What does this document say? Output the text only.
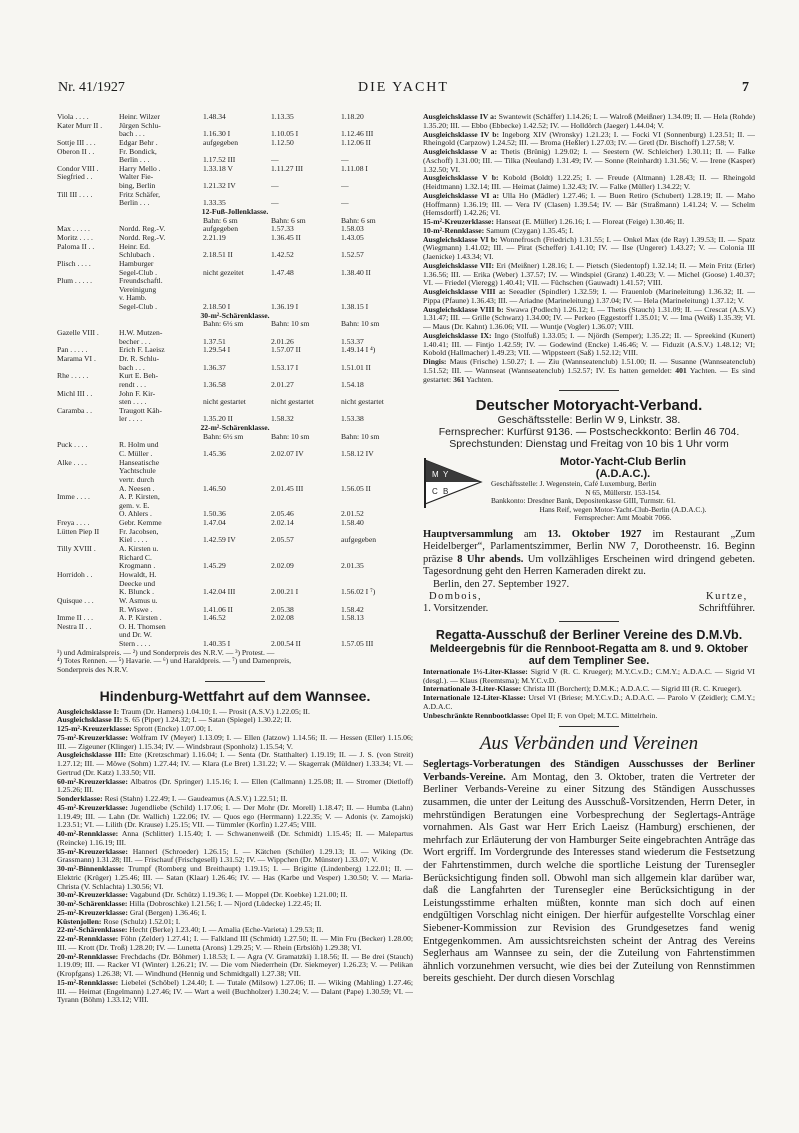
Nr. 41/1927	DIE YACHT	7
Viola . . . .	Heinr. Wilzer	1.48.34	1.13.35	1.18.20
Kater Murr II .	Jürgen Schlu-
bach . . .	1.16.30 I	1.10.05 I	1.12.46 III
Sottje III . . .	Edgar Behr .	aufgegeben	1.12.50	1.12.06 II
Oberon II . .	Fr. Bondick,
Berlin . . .	1.17.52 III	—	—
Condor VIII .	Harry Mello .	1.33.18 V	1.11.27 III	1.11.08 I
Siegfried . .	Walter Fie-
bing, Berlin	1.21.32 IV	—	—
Till III . . . .	Fritz Schäfer,
Berlin . . .	1.33.35	—	—
12-Fuß-Jollenklasse.
Bahn: 6 sm	Bahn: 6 sm	Bahn: 6 sm
Max . . . . .	Nordd. Reg.-V.	aufgegeben	1.57.33	1.58.03
Moritz . . . .	Nordd. Reg.-V.	2.21.19	1.36.45 II	1.43.05
Paloma II . .	Heinr. Ed.
Schlubach .	2.18.51 II	1.42.52	1.52.57
Plisch . . . .	Hamburger
Segel-Club .	nicht gezeitet	1.47.48	1.38.40 II
Plum . . . . .	Freundschaftl.
Vereinigung
v. Hamb.
Segel-Club .	2.18.50 I	1.36.19 I	1.38.15 I
30-m²-Schärenklasse.
Bahn: 6½ sm	Bahn: 10 sm	Bahn: 10 sm
Gazelle VIII .	H.W. Mutzen-
becher . . .	1.37.51	2.01.26	1.53.37
Pan . . . . .	Erich F. Laeisz	1.29.54 I	1.57.07 II	1.49.14 I ⁴)
Marama VI .	Dr. R. Schlu-
bach . . .	1.36.37	1.53.17 I	1.51.01 II
Rhe . . . . .	Kurt E. Beh-
rendt . . .	1.36.58	2.01.27	1.54.18
Michl III . .	John F. Kir-
sten . . . .	nicht gestartet	nicht gestartet	nicht gestartet
Caramba . .	Traugott Käh-
ler . . . .	1.35.20 II	1.58.32	1.53.38
22-m²-Schärenklasse.
Bahn: 6½ sm	Bahn: 10 sm	Bahn: 10 sm
Puck . . . .	R. Holm und
C. Müller .	1.45.36	2.02.07 IV	1.58.12 IV
Alke . . . .	Hanseatische
Yachtschule
vertr. durch
A. Neesen .	1.46.50	2.01.45 III	1.56.05 II
Imme . . . .	A. P. Kirsten,
gem. v. E.
O. Ahlers .	1.50.36	2.05.46	2.01.52
Freya . . . .	Gebr. Kemme	1.47.04	2.02.14	1.58.40
Lütten Piep II	Fr. Jacobsen,
Kiel . . . .	1.42.59 IV	2.05.57	aufgegeben
Tilly XVIII .	A. Kirsten u.
Richard C.
Krogmann .	1.45.29	2.02.09	2.01.35
Horridoh . .	Howaldt, H.
Deecke und
K. Blunck .	1.42.04 III	2.00.21 I	1.56.02 I ⁷)
Quisque . . .	W. Asmus u.
R. Wiswe .	1.41.06 II	2.05.38	1.58.42
Imme II . . .	A. P. Kirsten .	1.46.52	2.02.08	1.58.13
Nestra II . .	O. H. Thomsen
und Dr. W.
Stern . . . .	1.40.35 I	2.00.54 II	1.57.05 III
¹) und Admiralspreis. — ²) und Sonderpreis des N.R.V. — ³) Protest. —
⁴) Totes Rennen. — ⁵) Havarie. — ⁶) und Haraldpreis. — ⁷) und Damenpreis,
Sonderpreis des N.R.V.
Hindenburg-Wettfahrt auf dem Wannsee.

Ausgleichsklasse I: Traum (Dr. Hamers) 1.04.10; I. — Prosit (A.S.V.) 1.22.05; II.

Ausgleichsklasse II: S. 65 (Piper) 1.24.32; I. — Satan (Spiegel) 1.30.22; II.

125-m²-Kreuzerklasse: Sprott (Encke) 1.07.00; I.

75-m²-Kreuzerklasse: Wolfram IV (Meyer) 1.13.09; I. — Ellen (Jatzow) 1.14.56; II. — Hessen (Eller) 1.15.06; III. — Zigeuner (Klinger) 1.15.34; IV. — Windsbraut (Sponholz) 1.15.54; V.

Ausgleichsklasse III: Ette (Kretzschmar) 1.16.04; I. — Senta (Dr. Statthalter) 1.19.19; II. — J. S. (von Streit) 1.27.12; III. — Möwe (Sohm) 1.27.44; IV. — Klara (Le Bret) 1.31.22; V. — Skagerrak (Müldner) 1.33.34; VI. — Gertrud (Dr. Katz) 1.33.50; VII.

60-m²-Kreuzerklasse: Albatros (Dr. Springer) 1.15.16; I. — Ellen (Callmann) 1.25.08; II. — Stromer (Dietloff) 1.25.26; III.

Sonderklasse: Resi (Stahn) 1.22.49; I. — Gaudeamus (A.S.V.) 1.22.51; II.

45-m²-Kreuzerklasse: Jugendliebe (Schild) 1.17.06; I. — Der Mohr (Dr. Morell) 1.18.47; II. — Humba (Lahn) 1.19.49; III. — Lahn (Dr. Wallich) 1.22.06; IV. — Quos ego (Herrmann) 1.22.35; V. — Adonis (v. Zamojski) 1.23.51; VI. — Lilith (Dr. Krause) 1.25.15; VII. — Tümmler (Korfin) 1.27.45; VIII.

40-m²-Rennklasse: Anna (Schlitter) 1.15.40; I. — Schwanenweiß (Dr. Schmidt) 1.15.45; II. — Malepartus (Reincke) 1.16.19; III.

35-m²-Kreuzerklasse: Hannerl (Schroeder) 1.26.15; I. — Kätchen (Schüler) 1.29.13; II. — Wiking (Dr. Grassmann) 1.31.28; III. — Frischauf (Frischgesell) 1.31.52; IV. — Wippchen (Dr. Münster) 1.33.07; V.

30-m²-Binnenklasse: Trumpf (Romberg und Breithaupt) 1.19.15; I. — Brigitte (Lindenberg) 1.22.01; II. — Elektric (Krüger) 1.25.46; III. — Satan (Klaar) 1.26.46; IV. — Has (Karbe und Vesper) 1.30.50; V. — Maria-Christa (V. Schlachta) 1.30.56; VI.

30-m²-Kreuzerklasse: Vagabund (Dr. Schütz) 1.19.36; I. — Moppel (Dr. Koebke) 1.21.00; II.

30-m²-Schärenklasse: Hilla (Dobroschke) 1.21.56; I. — Njord (Lüdecke) 1.22.45; II.

25-m²-Kreuzerklasse: Gral (Bergen) 1.36.46; I.

Küstenjollen: Rose (Schulz) 1.52.01; I.

22-m²-Schärenklasse: Hecht (Berke) 1.23.40; I. — Amalia (Eche-Varieta) 1.29.53; II.

22-m²-Rennklasse: Föhn (Zelder) 1.27.41; I. — Falkland III (Schmidt) 1.27.50; II. — Min Fru (Becker) 1.28.00; III. — Krott (Dr. Troß) 1.28.20; IV. — Lunetta (Arons) 1.29.25; V. — Rhein (Erbslöh) 1.29.38; VI.

20-m²-Rennklasse: Frechdachs (Dr. Böhmer) 1.18.53; I. — Agra (V. Gramatzki) 1.18.56; II. — Be drei (Stauch) 1.19.09; III. — Racker VI (Winter) 1.26.21; IV. — Die vom Niederrhein (Dr. Siekmeyer) 1.26.23; V. — Pelikan (Kropfgans) 1.26.38; VI. — Windhund (Hennig und Schmidtgall) 1.27.38; VII.

15-m²-Rennklasse: Liebelei (Schöbel) 1.24.40; I. — Tutale (Milsow) 1.27.06; II. — Wiking (Mahling) 1.27.46; III. — Heimat (Engelmann) 1.27.46; IV. — Wart a weil (Buchholzer) 1.30.24; V. — Dalant (Pape) 1.30.59; VI. — Tyrann (Böhm) 1.33.12; VIII.

Ausgleichsklasse IV a: Swantewit (Schäffer) 1.14.26; I. — Walroß (Meißner) 1.34.09; II. — Hela (Rohde) 1.35.20; III. — Ebbo (Ebbecke) 1.42.52; IV. — Holldörch (Jaeger) 1.44.04; V.

Ausgleichsklasse IV b: Ingeborg XIV (Wronsky) 1.21.23; I. — Focki VI (Sonnenburg) 1.23.51; II. — Rheingold (Carpzow) 1.24.52; III. — Broma (Heßler) 1.27.03; IV. — Gretl (Dr. Bischoff) 1.27.58; V.

Ausgleichsklasse V a: Thetis (Brünig) 1.29.02; I. — Seestern (W. Schleicher) 1.30.11; II. — Falke (Aschoff) 1.31.00; III. — Tilka (Neuland) 1.31.49; IV. — Sonne (Reinhardt) 1.31.56; V. — Irene (Kasper) 1.32.50; VI.

Ausgleichsklasse V b: Kobold (Boldt) 1.22.25; I. — Freude (Altmann) 1.28.43; II. — Rheingold (Heidtmann) 1.32.14; III. — Heimat (Jaime) 1.32.43; IV. — Falke (Müller) 1.34.22; V.

Ausgleichsklasse VI a: Ulla Ho (Mädler) 1.27.46; I. — Buen Retiro (Schubert) 1.28.19; II. — Maho (Hoffmann) 1.36.19; III. — Vera IV (Clasen) 1.39.54; IV. — Bär (Straßmann) 1.41.24; V. — Schelm (Hemsdorff) 1.42.26; VI.

15-m²-Kreuzerklasse: Hanseat (E. Müller) 1.26.16; I. — Floreat (Feige) 1.30.46; II.

10-m²-Rennklasse: Samum (Czygan) 1.35.45; I.

Ausgleichsklasse VI b: Wonnefrosch (Friedrich) 1.31.55; I. — Onkel Max (de Ray) 1.39.53; II. — Spatz (Wiegmann) 1.41.02; III. — Pirat (Scheffer) 1.41.10; IV. — Ilse (Ungerer) 1.43.27; V. — Colonia III (Jaenicke) 1.43.34; VI.

Ausgleichsklasse VII: Eri (Meißner) 1.28.16; I. — Pietsch (Siedentopf) 1.32.14; II. — Mein Fritz (Erler) 1.36.56; III. — Erika (Weber) 1.37.57; IV. — Windspiel (Granz) 1.40.23; V. — Michel (Goose) 1.40.37; VI. — Friedel (Vieregg) 1.40.41; VII. — Füchschen (Gauwadt) 1.41.57; VIII.

Ausgleichsklasse VIII a: Seeadler (Spindler) 1.32.59; I. — Frauenlob (Marineleitung) 1.36.32; II. — Pippa (Pfaune) 1.36.43; III. — Ariadne (Marineleitung) 1.37.04; IV. — Hela (Marineleitung) 1.37.12; V.

Ausgleichsklasse VIII b: Swawa (Podlech) 1.26.12; I. — Thetis (Stauch) 1.31.09; II. — Crescat (A.S.V.) 1.31.47; III. — Grille (Schwarz) 1.34.00; IV. — Perkeo (Eggestorff 1.35.01; V. — Ima (Weiß) 1.35.39; VI. — Maus (Dr. Kahnt) 1.36.06; VII. — Wuntje (Vogler) 1.36.07; VIII.

Ausgleichsklasse IX: Ingo (Stolfuß) 1.33.05; I. — Njördh (Semper); 1.35.22; II. — Spreekind (Kunert) 1.40.41; III. — Fintjo 1.42.59; IV. — Godewind (Encke) 1.46.46; V. — Fiduzit (A.S.V.) 1.48.12; VI; Kobold (Hallmacher) 1.49.23; VII. — Wippsteert (Saß) 1.52.12; VIII.

Dingis: Maus (Frische) 1.50.27; I. — Ziu (Wannseatenclub) 1.51.00; II. — Susanne (Wannseatenclub) 1.51.52; III. — Wannseat (Wannseatenclub) 1.52.57; IV. Es hatten gemeldet: 401 Yachten. — Es sind gestartet: 361 Yachten.

Deutscher Motoryacht-Verband.
Geschäftsstelle: Berlin W 9, Linkstr. 38.
Fernsprecher: Kurfürst 9136. — Postscheckkonto: Berlin 46 704.
Sprechstunden: Dienstag und Freitag von 10 bis 1 Uhr vorm
M Y
C B
Motor-Yacht-Club Berlin
(A.D.A.C.).
Geschäftsstelle: J. Wegenstein, Café Luxemburg, Berlin
N 65, Müllerstr. 153-154.
Bankkonto: Dresdner Bank, Depositenkasse GIII, Turmstr. 61.
Hans Reif, wegen Motor-Yacht-Club-Berlin (A.D.A.C.).
Fernsprecher: Amt Moabit 7066.
Hauptversammlung am 13. Oktober 1927 im Restaurant „Zum Heidelberger“, Parlamentszimmer, Berlin NW 7, Dorotheenstr. 16. Beginn präzise 8 Uhr abends. Um vollzähliges Erscheinen wird dringend gebeten. Tagesordnung geht den Herren Kameraden direkt zu.
Berlin, den 27. September 1927.
Dombois,
1. Vorsitzender.
Kurtze,
Schriftführer.
Regatta-Ausschuß der Berliner Vereine des D.M.Vb.
Meldeergebnis für die Rennboot-Regatta am 8. und 9. Oktober
auf dem Templiner See.

Internationale 1½-Liter-Klasse: Sigrid V (R. C. Krueger); M.Y.C.v.D.; C.M.Y.; A.D.A.C. — Sigrid VI (desgl.). — Klaus (Reemtsma); M.Y.C.v.D.

Internationale 3-Liter-Klasse: Christa III (Borchert); D.M.K.; A.D.A.C. — Sigrid III (R. C. Krueger).

Internationale 12-Liter-Klasse: Ursel VI (Briese; M.Y.C.v.D.; A.D.A.C. — Parolo V (Zeidler); C.M.Y.; A.D.A.C.

Unbeschränkte Rennbootklasse: Opel II; F. von Opel; M.T.C. Mittelrhein.

Aus Verbänden und Vereinen
Seglertags-Vorberatungen des Ständigen Ausschusses der Berliner Verbands-Vereine. Am Montag, den 3. Oktober, traten die Vertreter der Berliner Verbands-Vereine zu einer Sitzung des Ständigen Ausschusses zusammen, die unter der Leitung des Ausschuß-Vorsitzenden, Herrn Deter, in mehrstündigen Beratungen eine Vorbesprechung der Seglertags-Anträge vornahmen. Als Gast war Herr Erich Laeisz (Hamburg) erschienen, der mehrfach zur Erläuterung der von Hamburger Seite eingebrachten Anträge das Wort ergriff. Im Vordergrunde des Interesses stand wiederum die Festsetzung der Fahrtenstimmen, durch welche die sportliche Leistung der Turensegler Berücksichtigung finden soll. Obwohl man sich allgemein klar darüber war, daß die Langfahrten der Turensegler eine Berücksichtigung in der Leistungsstimme erhalten müßten, konnte man sich doch auf einen endgültigen Vorschlag nicht einigen. Der hierfür aufgestellte Vorschlag einer Siebener-Kommission zur Revision des Grundgesetzes fand wenig Entgegenkommen. Am aussichtsreichsten scheint der Antrag des Vereins Seglerhaus am Wannsee zu sein, der die Zuteilung von Fahrtenstimmen ähnlich vorzunehmen versucht, wie dies bei der Zuteilung von Rennstimmen bereits geschieht. Der durch diesen Vorschlag
